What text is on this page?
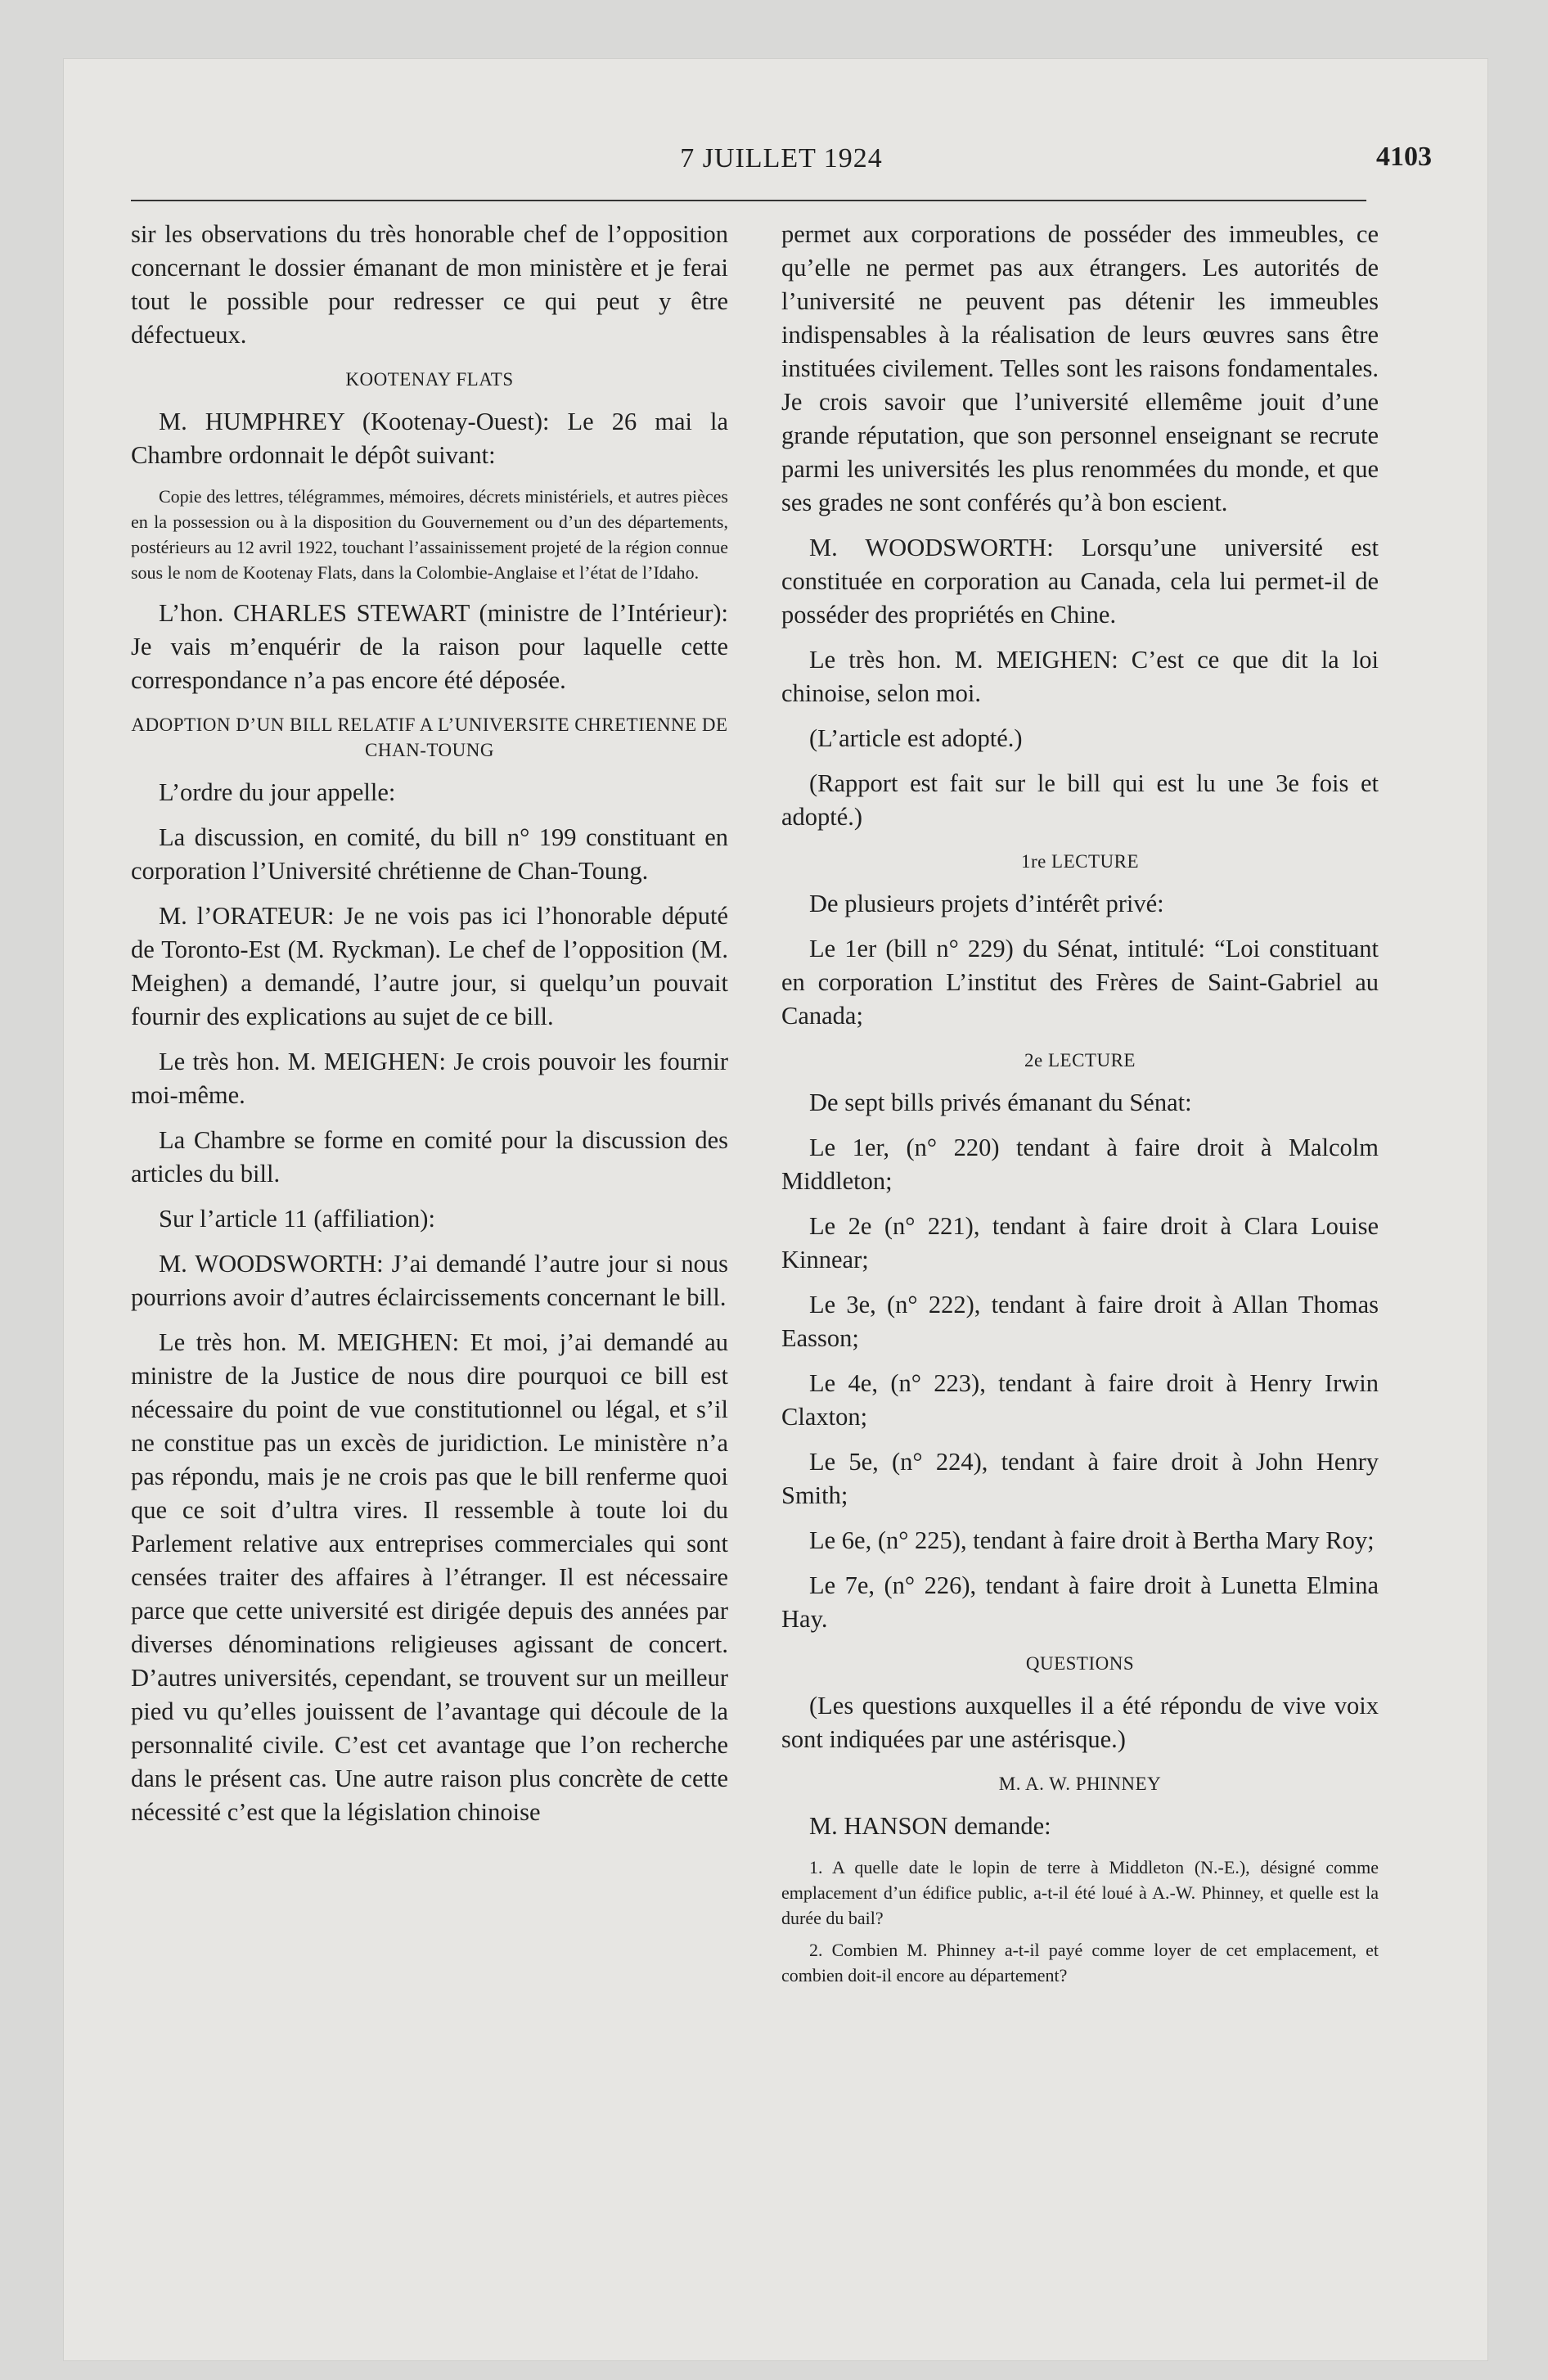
7 JUILLET 1924	4103

sir les observations du très honorable chef de l’opposition concernant le dossier émanant de mon ministère et je ferai tout le possible pour redresser ce qui peut y être défectueux.

KOOTENAY FLATS

M. HUMPHREY (Kootenay-Ouest): Le 26 mai la Chambre ordonnait le dépôt suivant:

Copie des lettres, télégrammes, mémoires, décrets ministériels, et autres pièces en la possession ou à la disposition du Gouvernement ou d’un des départements, postérieurs au 12 avril 1922, touchant l’assainissement projeté de la région connue sous le nom de Kootenay Flats, dans la Colombie-Anglaise et l’état de l’Idaho.

L’hon. CHARLES STEWART (ministre de l’Intérieur): Je vais m’enquérir de la raison pour laquelle cette correspondance n’a pas encore été déposée.

ADOPTION D’UN BILL RELATIF A L’UNIVERSITE CHRETIENNE DE CHAN-TOUNG

L’ordre du jour appelle:

La discussion, en comité, du bill n° 199 constituant en corporation l’Université chrétienne de Chan-Toung.

M. l’ORATEUR: Je ne vois pas ici l’honorable député de Toronto-Est (M. Ryckman). Le chef de l’opposition (M. Meighen) a demandé, l’autre jour, si quelqu’un pouvait fournir des explications au sujet de ce bill.

Le très hon. M. MEIGHEN: Je crois pouvoir les fournir moi-même.

La Chambre se forme en comité pour la discussion des articles du bill.

Sur l’article 11 (affiliation):

M. WOODSWORTH: J’ai demandé l’autre jour si nous pourrions avoir d’autres éclaircissements concernant le bill.

Le très hon. M. MEIGHEN: Et moi, j’ai demandé au ministre de la Justice de nous dire pourquoi ce bill est nécessaire du point de vue constitutionnel ou légal, et s’il ne constitue pas un excès de juridiction. Le ministère n’a pas répondu, mais je ne crois pas que le bill renferme quoi que ce soit d’ultra vires. Il ressemble à toute loi du Parlement relative aux entreprises commerciales qui sont censées traiter des affaires à l’étranger. Il est nécessaire parce que cette université est dirigée depuis des années par diverses dénominations religieuses agissant de concert. D’autres universités, cependant, se trouvent sur un meilleur pied vu qu’elles jouissent de l’avantage qui découle de la personnalité civile. C’est cet avantage que l’on recherche dans le présent cas. Une autre raison plus concrète de cette nécessité c’est que la législation chinoise

permet aux corporations de posséder des immeubles, ce qu’elle ne permet pas aux étrangers. Les autorités de l’université ne peuvent pas détenir les immeubles indispensables à la réalisation de leurs œuvres sans être instituées civilement. Telles sont les raisons fondamentales. Je crois savoir que l’université ellemême jouit d’une grande réputation, que son personnel enseignant se recrute parmi les universités les plus renommées du monde, et que ses grades ne sont conférés qu’à bon escient.

M. WOODSWORTH: Lorsqu’une université est constituée en corporation au Canada, cela lui permet-il de posséder des propriétés en Chine.

Le très hon. M. MEIGHEN: C’est ce que dit la loi chinoise, selon moi.

(L’article est adopté.)

(Rapport est fait sur le bill qui est lu une 3e fois et adopté.)

1re LECTURE

De plusieurs projets d’intérêt privé:

Le 1er (bill n° 229) du Sénat, intitulé: “Loi constituant en corporation L’institut des Frères de Saint-Gabriel au Canada;

2e LECTURE

De sept bills privés émanant du Sénat:

Le 1er, (n° 220) tendant à faire droit à Malcolm Middleton;

Le 2e (n° 221), tendant à faire droit à Clara Louise Kinnear;

Le 3e, (n° 222), tendant à faire droit à Allan Thomas Easson;

Le 4e, (n° 223), tendant à faire droit à Henry Irwin Claxton;

Le 5e, (n° 224), tendant à faire droit à John Henry Smith;

Le 6e, (n° 225), tendant à faire droit à Bertha Mary Roy;

Le 7e, (n° 226), tendant à faire droit à Lunetta Elmina Hay.

QUESTIONS

(Les questions auxquelles il a été répondu de vive voix sont indiquées par une astérisque.)

M. A. W. PHINNEY

M. HANSON demande:

1. A quelle date le lopin de terre à Middleton (N.-E.), désigné comme emplacement d’un édifice public, a-t-il été loué à A.-W. Phinney, et quelle est la durée du bail?
2. Combien M. Phinney a-t-il payé comme loyer de cet emplacement, et combien doit-il encore au département?
